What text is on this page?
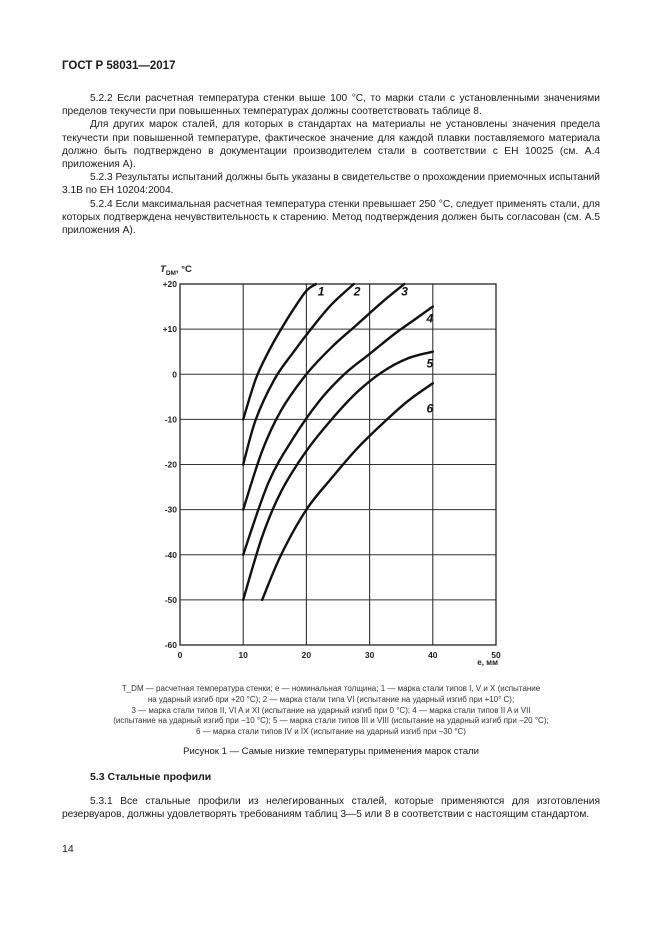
ГОСТ Р 58031—2017

5.2.2 Если расчетная температура стенки выше 100 °C, то марки стали с установленными значениями пределов текучести при повышенных температурах должны соответствовать таблице 8.

Для других марок сталей, для которых в стандартах на материалы не установлены значения предела текучести при повышенной температуре, фактическое значение для каждой плавки поставляемого материала должно быть подтверждено в документации производителем стали в соответствии с ЕН 10025 (см. А.4 приложения А).

5.2.3 Результаты испытаний должны быть указаны в свидетельстве о прохождении приемочных испытаний 3.1В по ЕН 10204:2004.

5.2.4 Если максимальная расчетная температура стенки превышает 250 °С, следует применять стали, для которых подтверждена нечувствительность к старению. Метод подтверждения должен быть согласован (см. А.5 приложения А).

0	10	20	30	40	50
+20
+10
0
-10
-20
-30
-40
-50
-60
$T_{DM}$, °C
e, мм
1 2	3
4
5
6
T_DM — расчетная температура стенки; e — номинальная толщина; 1 — марка стали типов I, V и X (испытание
на ударный изгиб при +20 °С); 2 — марка стали типа VI (испытание на ударный изгиб при +10° С);
3 — марка стали типов II, VI A и XI (испытание на ударный изгиб при 0 °С); 4 — марка стали типов II A и VII
(испытание на ударный изгиб при −10 °С); 5 — марка стали типов III и VIII (испытание на ударный изгиб при −20 °С);
6 — марка стали типов IV и IX (испытание на ударный изгиб при −30 °С)
Рисунок 1 — Самые низкие температуры применения марок стали
5.3 Стальные профили

5.3.1 Все стальные профили из нелегированных сталей, которые применяются для изготовления резервуаров, должны удовлетворять требованиям таблиц 3—5 или 8 в соответствии с настоящим стандартом.

14
